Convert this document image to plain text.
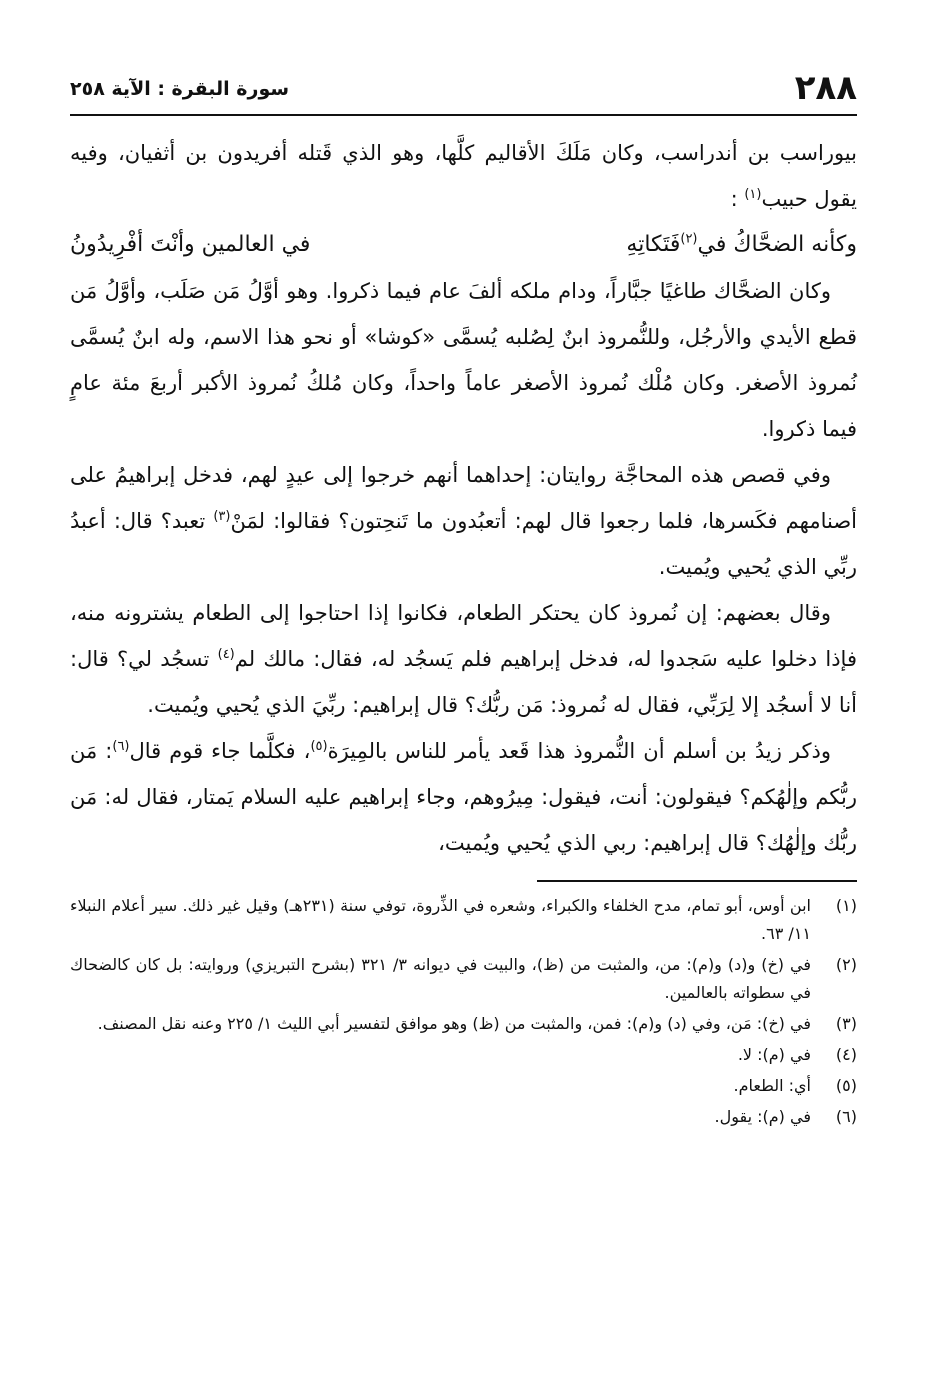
٢٨٨
سورة البقرة : الآية ٢٥٨

بيوراسب بن أندراسب، وكان مَلَكَ الأقاليم كلَّها، وهو الذي قَتله أفريدون بن أثفيان، وفيه يقول حبيب$^{(١)}$ :

وكأنه الضحَّاكُ في$^{(٢)}$فَتَكاتِهِ
في العالمين وأنْتَ أفْرِيدُونُ

وكان الضحَّاك طاغيًا جبَّاراً، ودام ملكه ألفَ عام فيما ذكروا. وهو أوَّلُ مَن صَلَب، وأوَّلُ مَن قطع الأيدي والأرجُل، وللنُّمروذ ابنٌ لِصُلبه يُسمَّى «كوشا» أو نحو هذا الاسم، وله ابنٌ يُسمَّى نُمروذ الأصغر. وكان مُلْك نُمروذ الأصغر عاماً واحداً، وكان مُلكُ نُمروذ الأكبر أربعَ مئة عامٍ فيما ذكروا.

وفي قصص هذه المحاجَّة روايتان: إحداهما أنهم خرجوا إلى عيدٍ لهم، فدخل إبراهيمُ على أصنامهم فكَسرها، فلما رجعوا قال لهم: أتعبُدون ما تَنحِتون؟ فقالوا: لمَنْ$^{(٣)}$ تعبد؟ قال: أعبدُ ربِّي الذي يُحيي ويُميت.

وقال بعضهم: إن نُمروذ كان يحتكر الطعام، فكانوا إذا احتاجوا إلى الطعام يشترونه منه، فإذا دخلوا عليه سَجدوا له، فدخل إبراهيم فلم يَسجُد له، فقال: مالك لم$^{(٤)}$ تسجُد لي؟ قال: أنا لا أسجُد إلا لِرَبِّي، فقال له نُمروذ: مَن ربُّك؟ قال إبراهيم: ربِّيَ الذي يُحيي ويُميت.

وذكر زيدُ بن أسلم أن النُّمروذ هذا قَعد يأمر للناس بالمِيرَة$^{(٥)}$، فكلَّما جاء قوم قال$^{(٦)}$: مَن ربُّكم وإلٰهُكم؟ فيقولون: أنت، فيقول: مِيرُوهم، وجاء إبراهيم عليه السلام يَمتار، فقال له: مَن ربُّك وإلٰهُك؟ قال إبراهيم: ربي الذي يُحيي ويُميت،

(١)
ابن أوس، أبو تمام، مدح الخلفاء والكبراء، وشعره في الذِّروة، توفي سنة (٢٣١هـ) وقيل غير ذلك. سير أعلام النبلاء ١١/ ٦٣.
(٢)
في (خ) و(د) و(م): من، والمثبت من (ظ)، والبيت في ديوانه ٣/ ٣٢١ (بشرح التبريزي) وروايته: بل كان كالضحاك في سطواته بالعالمين.
(٣)
في (خ): مَن، وفي (د) و(م): فمن، والمثبت من (ظ) وهو موافق لتفسير أبي الليث ١/ ٢٢٥ وعنه نقل المصنف.
(٤)
في (م): لا.
(٥)
أي: الطعام.
(٦)
في (م): يقول.
